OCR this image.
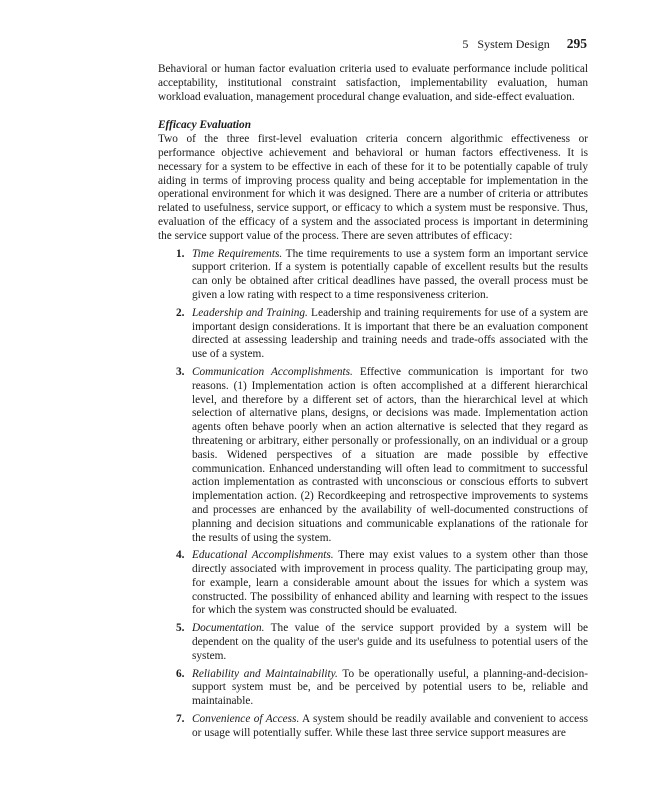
5 System Design 295

Behavioral or human factor evaluation criteria used to evaluate performance include political acceptability, institutional constraint satisfaction, implementability evaluation, human workload evaluation, management procedural change evaluation, and side-effect evaluation.

Efficacy Evaluation

Two of the three first-level evaluation criteria concern algorithmic effectiveness or performance objective achievement and behavioral or human factors effectiveness. It is necessary for a system to be effective in each of these for it to be potentially capable of truly aiding in terms of improving process quality and being acceptable for implementation in the operational environment for which it was designed. There are a number of criteria or attributes related to usefulness, service support, or efficacy to which a system must be responsive. Thus, evaluation of the efficacy of a system and the associated process is important in determining the service support value of the process. There are seven attributes of efficacy:

1. Time Requirements. The time requirements to use a system form an important service support criterion. If a system is potentially capable of excellent results but the results can only be obtained after critical deadlines have passed, the overall process must be given a low rating with respect to a time responsiveness criterion.
2. Leadership and Training. Leadership and training requirements for use of a system are important design considerations. It is important that there be an evaluation component directed at assessing leadership and training needs and trade-offs associated with the use of a system.
3. Communication Accomplishments. Effective communication is important for two reasons. (1) Implementation action is often accomplished at a different hierarchical level, and therefore by a different set of actors, than the hierarchical level at which selection of alternative plans, designs, or decisions was made. Implementation action agents often behave poorly when an action alternative is selected that they regard as threatening or arbitrary, either personally or professionally, on an individual or a group basis. Widened perspectives of a situation are made possible by effective communication. Enhanced understanding will often lead to commitment to successful action implementation as contrasted with unconscious or conscious efforts to subvert implementation action. (2) Recordkeeping and retrospective improvements to systems and processes are enhanced by the availability of well-documented constructions of planning and decision situations and communicable explanations of the rationale for the results of using the system.
4. Educational Accomplishments. There may exist values to a system other than those directly associated with improvement in process quality. The participating group may, for example, learn a considerable amount about the issues for which a system was constructed. The possibility of enhanced ability and learning with respect to the issues for which the system was constructed should be evaluated.
5. Documentation. The value of the service support provided by a system will be dependent on the quality of the user's guide and its usefulness to potential users of the system.
6. Reliability and Maintainability. To be operationally useful, a planning-and-decision-support system must be, and be perceived by potential users to be, reliable and maintainable.
7. Convenience of Access. A system should be readily available and convenient to access or usage will potentially suffer. While these last three service support measures are
